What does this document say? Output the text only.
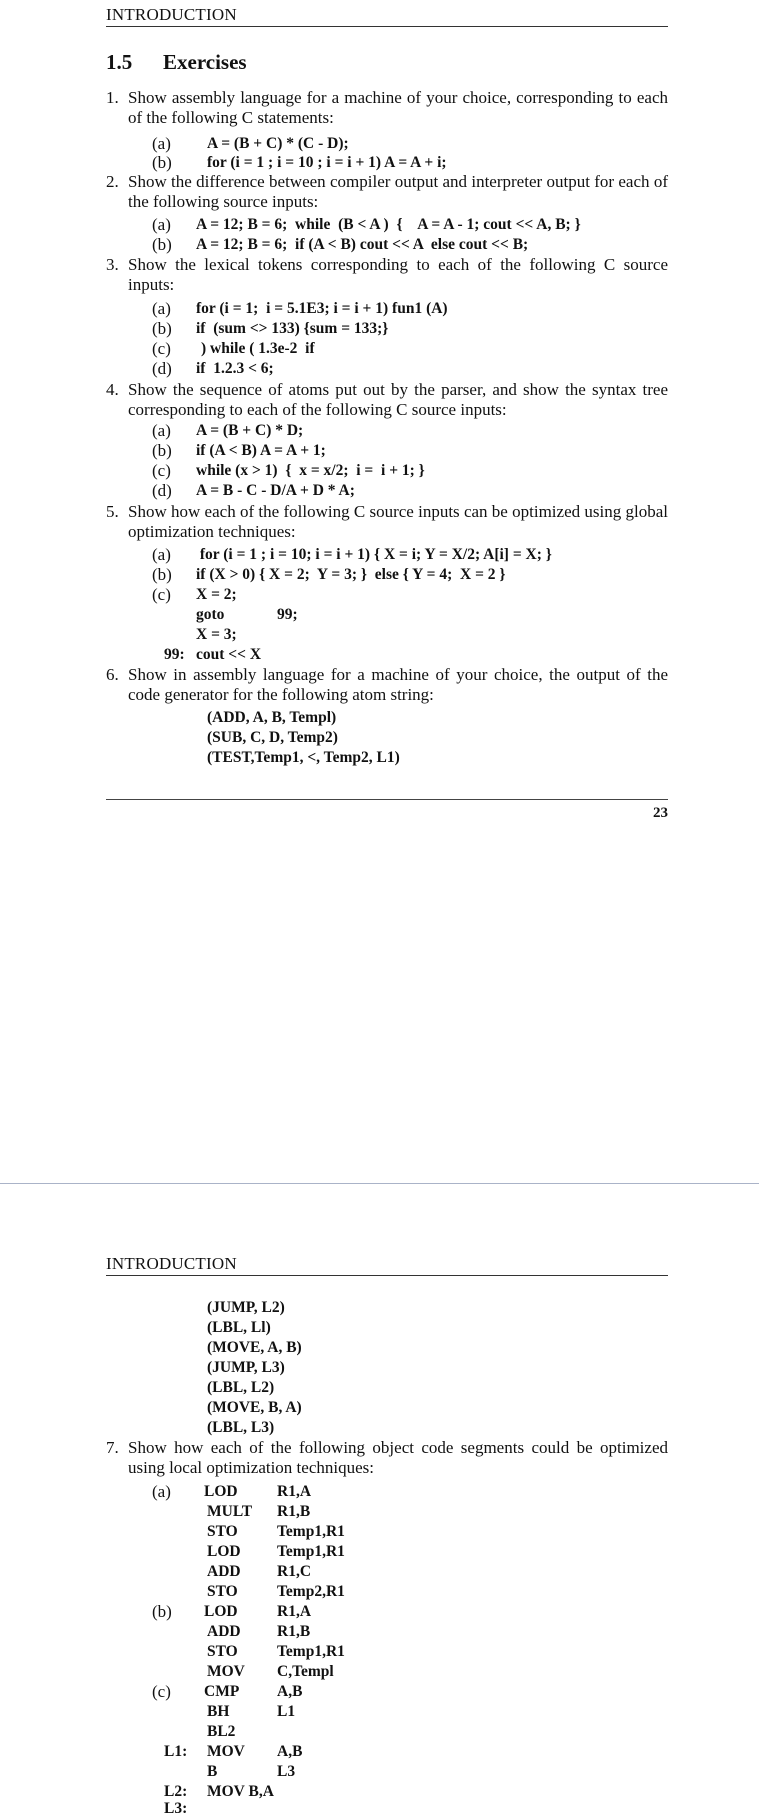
INTRODUCTION
1.5 Exercises
1. Show assembly language for a machine of your choice, corresponding to each of the following C statements:
(a) A = (B + C) * (C - D);
(b) for (i = 1 ; i = 10 ; i = i + 1) A = A + i;
2. Show the difference between compiler output and interpreter output for each of the following source inputs:
(a) A = 12; B = 6;  while  (B < A )  {    A = A - 1; cout << A, B; }
(b) A = 12; B = 6;  if (A < B) cout << A  else cout << B;
3. Show the lexical tokens corresponding to each of the following C source inputs:
(a) for (i = 1;  i = 5.1E3; i = i + 1) fun1 (A)
(b) if  (sum <> 133) {sum = 133;}
(c) ) while ( 1.3e-2  if
(d) if  1.2.3 < 6;
4. Show the sequence of atoms put out by the parser, and show the syntax tree corresponding to each of the following C source inputs:
(a) A = (B + C) * D;
(b) if (A < B) A = A + 1;
(c) while (x > 1)  {  x = x/2;  i =  i + 1; }
(d) A = B - C - D/A + D * A;
5. Show how each of the following C source inputs can be optimized using global optimization techniques:
(a) for (i = 1 ; i = 10; i = i + 1) { X = i; Y = X/2; A[i] = X; }
(b) if (X > 0) { X = 2;  Y = 3; }  else { Y = 4;  X = 2 }
(c) X = 2;
goto	99;
X = 3;
99: cout << X
6. Show in assembly language for a machine of your choice, the output of the code generator for the following atom string:
(ADD, A, B, Templ)
(SUB, C, D, Temp2)
(TEST,Temp1, <, Temp2, L1)
23
INTRODUCTION
(JUMP, L2)
(LBL, Ll)
(MOVE, A, B)
(JUMP, L3)
(LBL, L2)
(MOVE, B, A)
(LBL, L3)
7. Show how each of the following object code segments could be optimized using local optimization techniques:
(a) LOD	R1,A
MULT R1,B
STO	Temp1,R1
LOD Temp1,R1
ADD R1,C
STO	Temp2,R1
(b) LOD	R1,A
ADD R1,B
STO	Temp1,R1
MOV C,Templ
(c) CMP A,B
BH	L1
BL2
L1: MOV A,B
B	L3
L2: MOV B,A
L3:
